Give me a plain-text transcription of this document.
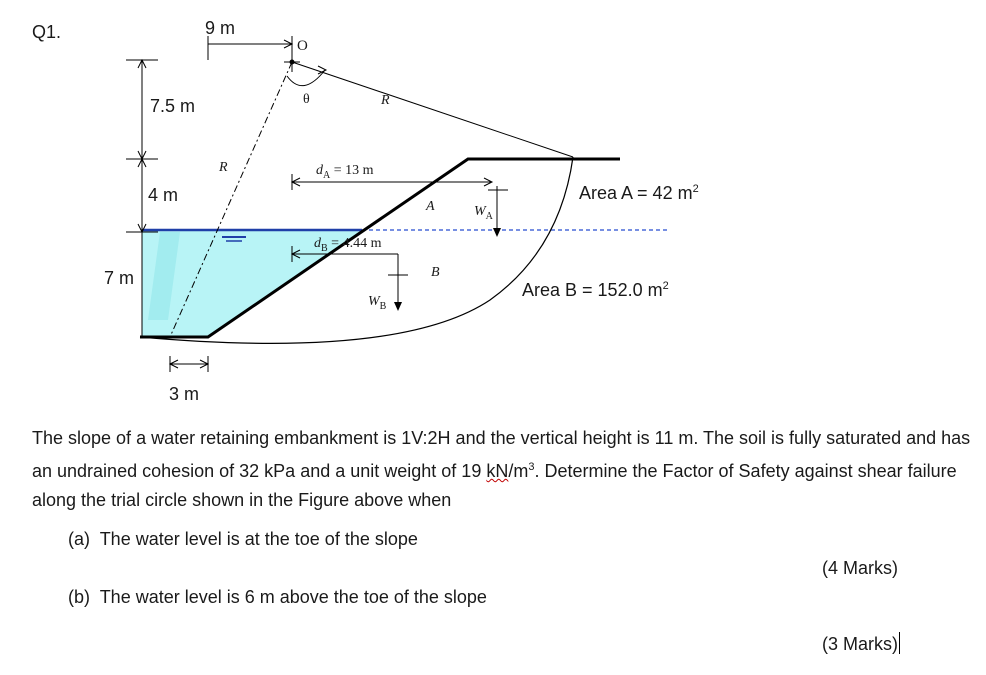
Q1.	9 m
O
θ	R
R
7.5 m
4 m
7 m
3 m
$d_A = 13$ m
$d_B = 4.44$ m
A
B
$W_A$
$W_B$
Area A = 42 $m^2$
Area B = 152.0 $m^2$
The slope of a water retaining embankment is 1V:2H and the vertical height is 11 m. The soil is fully saturated and has an undrained cohesion of 32 kPa and a unit weight of 19 $kN/m^3$. Determine the Factor of Safety against shear failure along the trial circle shown in the Figure above when
(a) The water level is at the toe of the slope
(4 Marks)
(b) The water level is 6 m above the toe of the slope
(3 Marks)
